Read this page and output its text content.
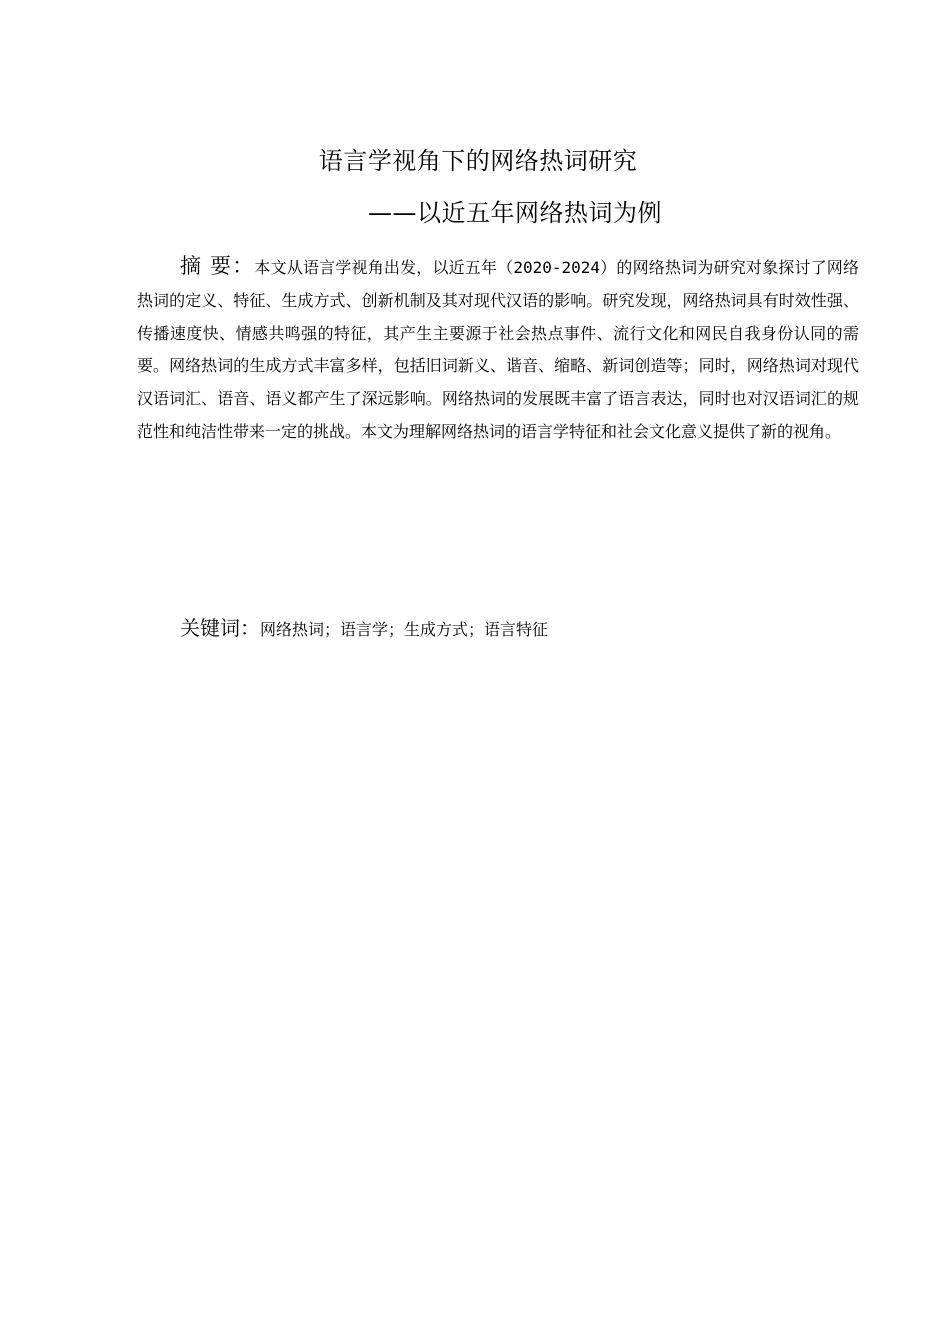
语言学视角下的网络热词研究
——以近五年网络热词为例

摘 要：本文从语言学视角出发，以近五年（2020-2024）的网络热词为研究对象探讨了网络热词的定义、特征、生成方式、创新机制及其对现代汉语的影响。研究发现，网络热词具有时效性强、传播速度快、情感共鸣强的特征，其产生主要源于社会热点事件、流行文化和网民自我身份认同的需要。网络热词的生成方式丰富多样，包括旧词新义、谐音、缩略、新词创造等；同时，网络热词对现代汉语词汇、语音、语义都产生了深远影响。网络热词的发展既丰富了语言表达，同时也对汉语词汇的规范性和纯洁性带来一定的挑战。本文为理解网络热词的语言学特征和社会文化意义提供了新的视角。

关键词：网络热词；语言学；生成方式；语言特征
